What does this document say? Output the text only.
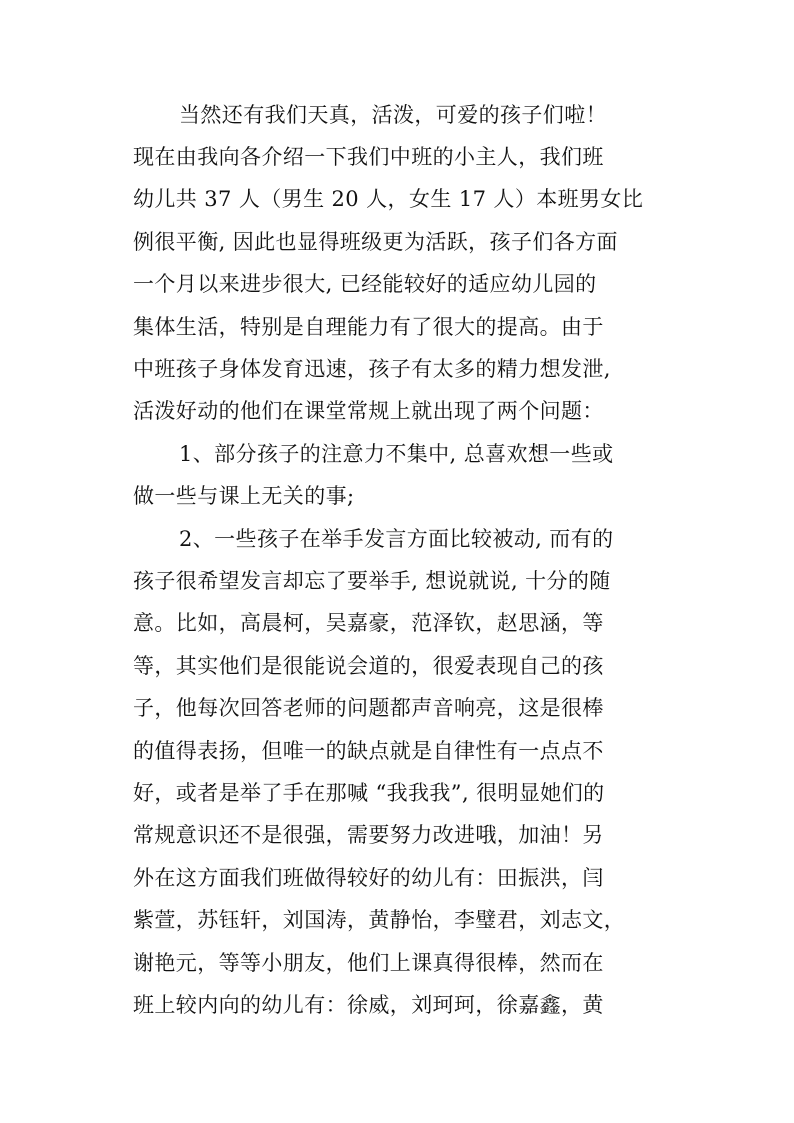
当然还有我们天真，活泼，可爱的孩子们啦！
现在由我向各介绍一下我们中班的小主人，我们班
幼儿共 37 人（男生 20 人，女生 17 人）本班男女比
例很平衡, 因此也显得班级更为活跃，孩子们各方面
一个月以来进步很大, 已经能较好的适应幼儿园的
集体生活，特别是自理能力有了很大的提高。由于
中班孩子身体发育迅速，孩子有太多的精力想发泄,
活泼好动的他们在课堂常规上就出现了两个问题：
1、部分孩子的注意力不集中, 总喜欢想一些或
做一些与课上无关的事;
2、一些孩子在举手发言方面比较被动, 而有的
孩子很希望发言却忘了要举手, 想说就说, 十分的随
意。比如，高晨柯，吴嘉豪，范泽钦，赵思涵，等
等，其实他们是很能说会道的，很爱表现自己的孩
子，他每次回答老师的问题都声音响亮，这是很棒
的值得表扬，但唯一的缺点就是自律性有一点点不
好，或者是举了手在那喊 “我我我”, 很明显她们的
常规意识还不是很强，需要努力改进哦，加油！另
外在这方面我们班做得较好的幼儿有：田振洪，闫
紫萱，苏钰轩，刘国涛，黄静怡，李璧君，刘志文，
谢艳元，等等小朋友，他们上课真得很棒，然而在
班上较内向的幼儿有：徐威，刘珂珂，徐嘉鑫，黄
